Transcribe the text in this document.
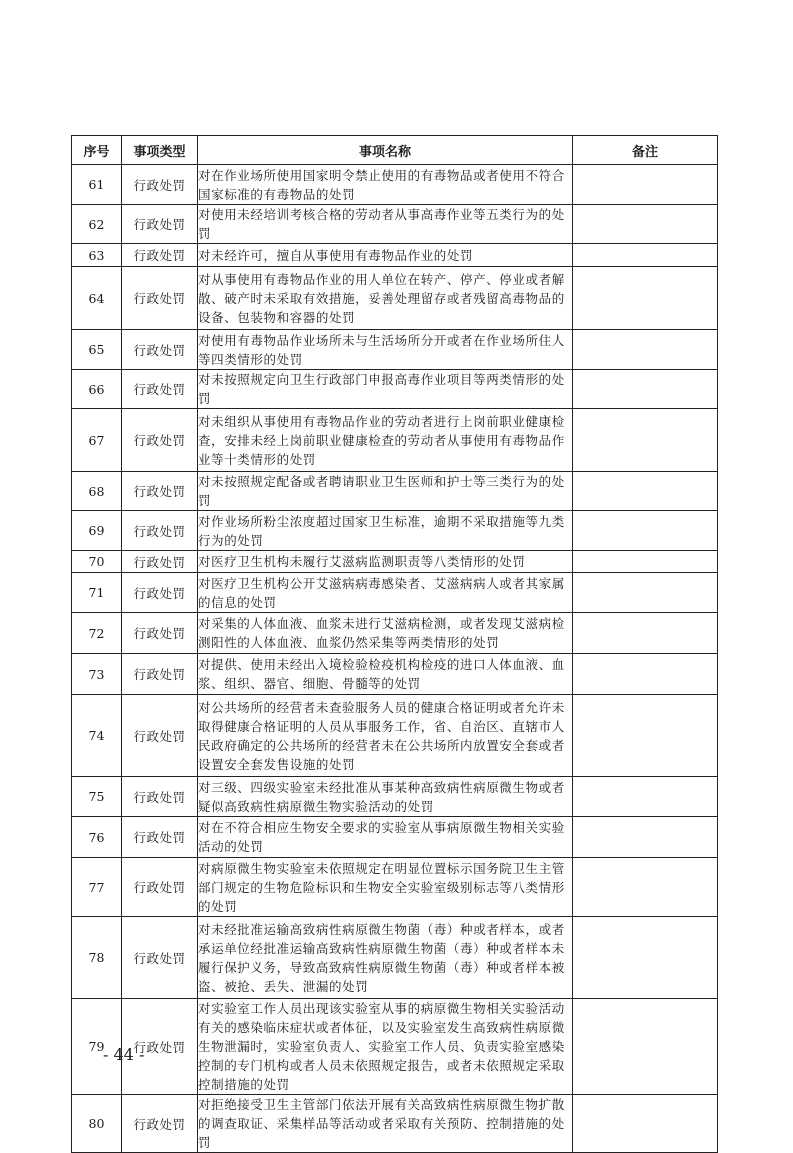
序号	事项类型	事项名称	备注
61	行政处罚	对在作业场所使用国家明令禁止使用的有毒物品或者使用不符合国家标准的有毒物品的处罚	
62	行政处罚	对使用未经培训考核合格的劳动者从事高毒作业等五类行为的处罚	
63	行政处罚	对未经许可，擅自从事使用有毒物品作业的处罚	
64	行政处罚	对从事使用有毒物品作业的用人单位在转产、停产、停业或者解散、破产时未采取有效措施，妥善处理留存或者残留高毒物品的设备、包装物和容器的处罚	
65	行政处罚	对使用有毒物品作业场所未与生活场所分开或者在作业场所住人等四类情形的处罚	
66	行政处罚	对未按照规定向卫生行政部门申报高毒作业项目等两类情形的处罚	
67	行政处罚	对未组织从事使用有毒物品作业的劳动者进行上岗前职业健康检查，安排未经上岗前职业健康检查的劳动者从事使用有毒物品作业等十类情形的处罚	
68	行政处罚	对未按照规定配备或者聘请职业卫生医师和护士等三类行为的处罚	
69	行政处罚	对作业场所粉尘浓度超过国家卫生标准，逾期不采取措施等九类行为的处罚	
70	行政处罚	对医疗卫生机构未履行艾滋病监测职责等八类情形的处罚	
71	行政处罚	对医疗卫生机构公开艾滋病病毒感染者、艾滋病病人或者其家属的信息的处罚	
72	行政处罚	对采集的人体血液、血浆未进行艾滋病检测，或者发现艾滋病检测阳性的人体血液、血浆仍然采集等两类情形的处罚	
73	行政处罚	对提供、使用未经出入境检验检疫机构检疫的进口人体血液、血浆、组织、器官、细胞、骨髓等的处罚	
74	行政处罚	对公共场所的经营者未查验服务人员的健康合格证明或者允许未取得健康合格证明的人员从事服务工作，省、自治区、直辖市人民政府确定的公共场所的经营者未在公共场所内放置安全套或者设置安全套发售设施的处罚	
75	行政处罚	对三级、四级实验室未经批准从事某种高致病性病原微生物或者疑似高致病性病原微生物实验活动的处罚	
76	行政处罚	对在不符合相应生物安全要求的实验室从事病原微生物相关实验活动的处罚	
77	行政处罚	对病原微生物实验室未依照规定在明显位置标示国务院卫生主管部门规定的生物危险标识和生物安全实验室级别标志等八类情形的处罚	
78	行政处罚	对未经批准运输高致病性病原微生物菌（毒）种或者样本，或者承运单位经批准运输高致病性病原微生物菌（毒）种或者样本未履行保护义务，导致高致病性病原微生物菌（毒）种或者样本被盗、被抢、丢失、泄漏的处罚	
79	行政处罚	对实验室工作人员出现该实验室从事的病原微生物相关实验活动有关的感染临床症状或者体征，以及实验室发生高致病性病原微生物泄漏时，实验室负责人、实验室工作人员、负责实验室感染控制的专门机构或者人员未依照规定报告，或者未依照规定采取控制措施的处罚	
80	行政处罚	对拒绝接受卫生主管部门依法开展有关高致病性病原微生物扩散的调查取证、采集样品等活动或者采取有关预防、控制措施的处罚	
- 44 -
